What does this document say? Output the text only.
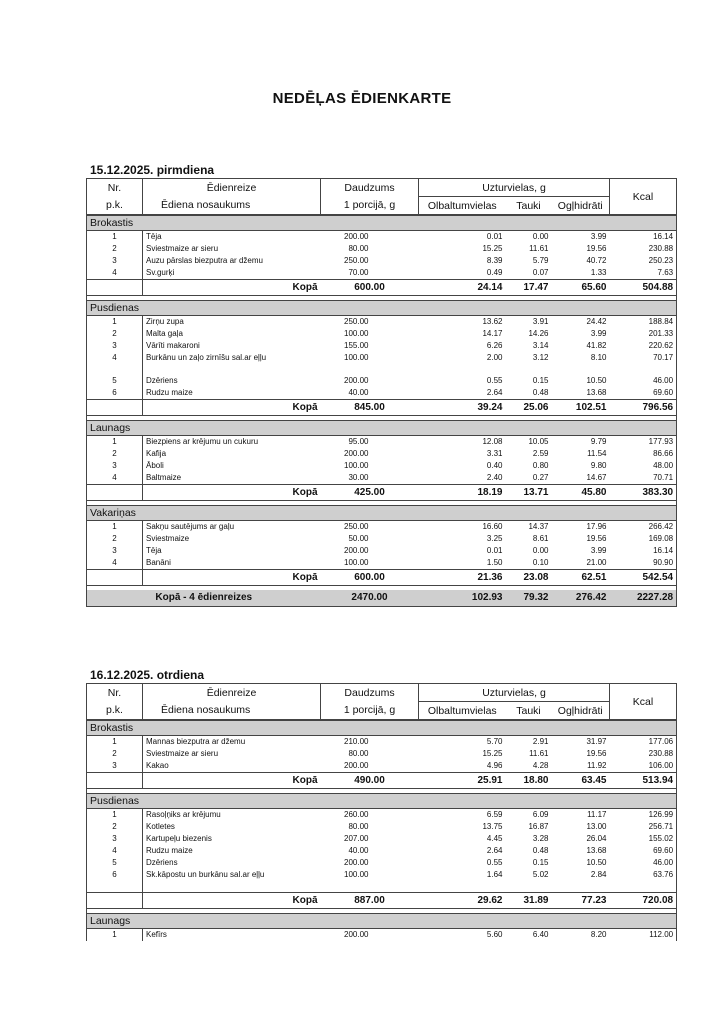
NEDĒĻAS ĒDIENKARTE
15.12.2025. pirmdiena
Nr.	Ēdienreize	Daudzums	Uzturvielas, g			Kcal
p.k.	Ēdiena nosaukums	1 porcijā, g	Olbaltumvielas	Tauki	Ogļhidrāti	
Brokastis						
1	Tēja	200.00	0.01	0.00	3.99	16.14
2	Sviestmaize ar sieru	80.00	15.25	11.61	19.56	230.88
3	Auzu pārslas biezputra ar džemu	250.00	8.39	5.79	40.72	250.23
4	Sv.gurķi	70.00	0.49	0.07	1.33	7.63
	Kopā	600.00	24.14	17.47	65.60	504.88

Pusdienas						
1	Zirņu zupa	250.00	13.62	3.91	24.42	188.84
2	Malta gaļa	100.00	14.17	14.26	3.99	201.33
3	Vārīti makaroni	155.00	6.26	3.14	41.82	220.62
4	Burkānu un zaļo zirnīšu sal.ar eļļu	100.00	2.00	3.12	8.10	70.17
5	Dzēriens	200.00	0.55	0.15	10.50	46.00
6	Rudzu maize	40.00	2.64	0.48	13.68	69.60
	Kopā	845.00	39.24	25.06	102.51	796.56

Launags						
1	Biezpiens ar krējumu un cukuru	95.00	12.08	10.05	9.79	177.93
2	Kafija	200.00	3.31	2.59	11.54	86.66
3	Āboli	100.00	0.40	0.80	9.80	48.00
4	Baltmaize	30.00	2.40	0.27	14.67	70.71
	Kopā	425.00	18.19	13.71	45.80	383.30

Vakariņas						
1	Sakņu sautējums ar gaļu	250.00	16.60	14.37	17.96	266.42
2	Sviestmaize	50.00	3.25	8.61	19.56	169.08
3	Tēja	200.00	0.01	0.00	3.99	16.14
4	Banāni	100.00	1.50	0.10	21.00	90.90
	Kopā	600.00	21.36	23.08	62.51	542.54

Kopā - 4 ēdienreizes		2470.00	102.93	79.32	276.42	2227.28
16.12.2025. otrdiena
Nr.	Ēdienreize	Daudzums	Uzturvielas, g			Kcal
p.k.	Ēdiena nosaukums	1 porcijā, g	Olbaltumvielas	Tauki	Ogļhidrāti	
Brokastis						
1	Mannas biezputra ar džemu	210.00	5.70	2.91	31.97	177.06
2	Sviestmaize ar sieru	80.00	15.25	11.61	19.56	230.88
3	Kakao	200.00	4.96	4.28	11.92	106.00
	Kopā	490.00	25.91	18.80	63.45	513.94

Pusdienas						
1	Rasoļņiks ar krējumu	260.00	6.59	6.09	11.17	126.99
2	Kotletes	80.00	13.75	16.87	13.00	256.71
3	Kartupeļu biezenis	207.00	4.45	3.28	26.04	155.02
4	Rudzu maize	40.00	2.64	0.48	13.68	69.60
5	Dzēriens	200.00	0.55	0.15	10.50	46.00
6	Sk.kāpostu un burkānu sal.ar eļļu	100.00	1.64	5.02	2.84	63.76
	Kopā	887.00	29.62	31.89	77.23	720.08

Launags						
1	Kefīrs	200.00	5.60	6.40	8.20	112.00
